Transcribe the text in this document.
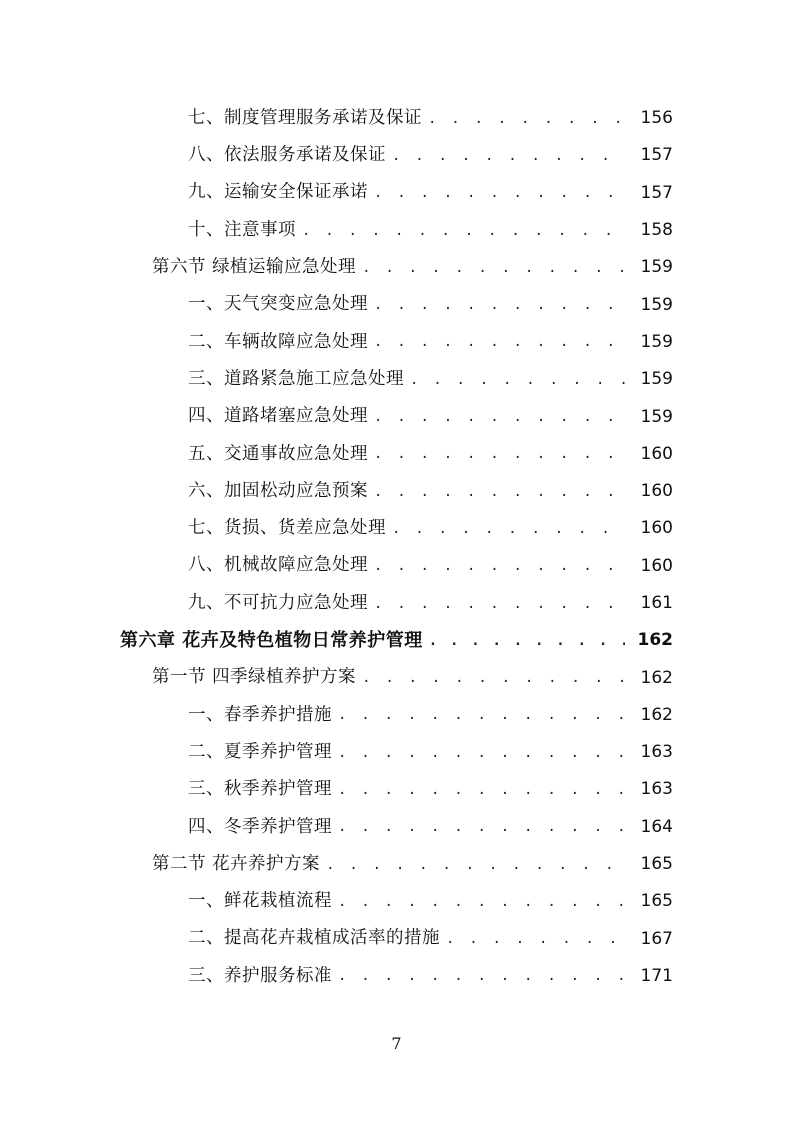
七、制度管理服务承诺及保证 . . .	156
八、依法服务承诺及保证 . . .	157
九、运输安全保证承诺 . . .	157
十、注意事项 . . .	158
第六节 绿植运输应急处理 . . .	159
一、天气突变应急处理 . . .	159
二、车辆故障应急处理 . . .	159
三、道路紧急施工应急处理 . . .	159
四、道路堵塞应急处理 . . .	159
五、交通事故应急处理 . . .	160
六、加固松动应急预案 . . .	160
七、货损、货差应急处理 . . .	160
八、机械故障应急处理 . . .	160
九、不可抗力应急处理 . . .	161
第六章 花卉及特色植物日常养护管理 . . .	162
第一节 四季绿植养护方案 . . .	162
一、春季养护措施 . . .	162
二、夏季养护管理 . . .	163
三、秋季养护管理 . . .	163
四、冬季养护管理 . . .	164
第二节 花卉养护方案 . . .	165
一、鲜花栽植流程 . . .	165
二、提高花卉栽植成活率的措施 . . .	167
三、养护服务标准 . . .	171
7
